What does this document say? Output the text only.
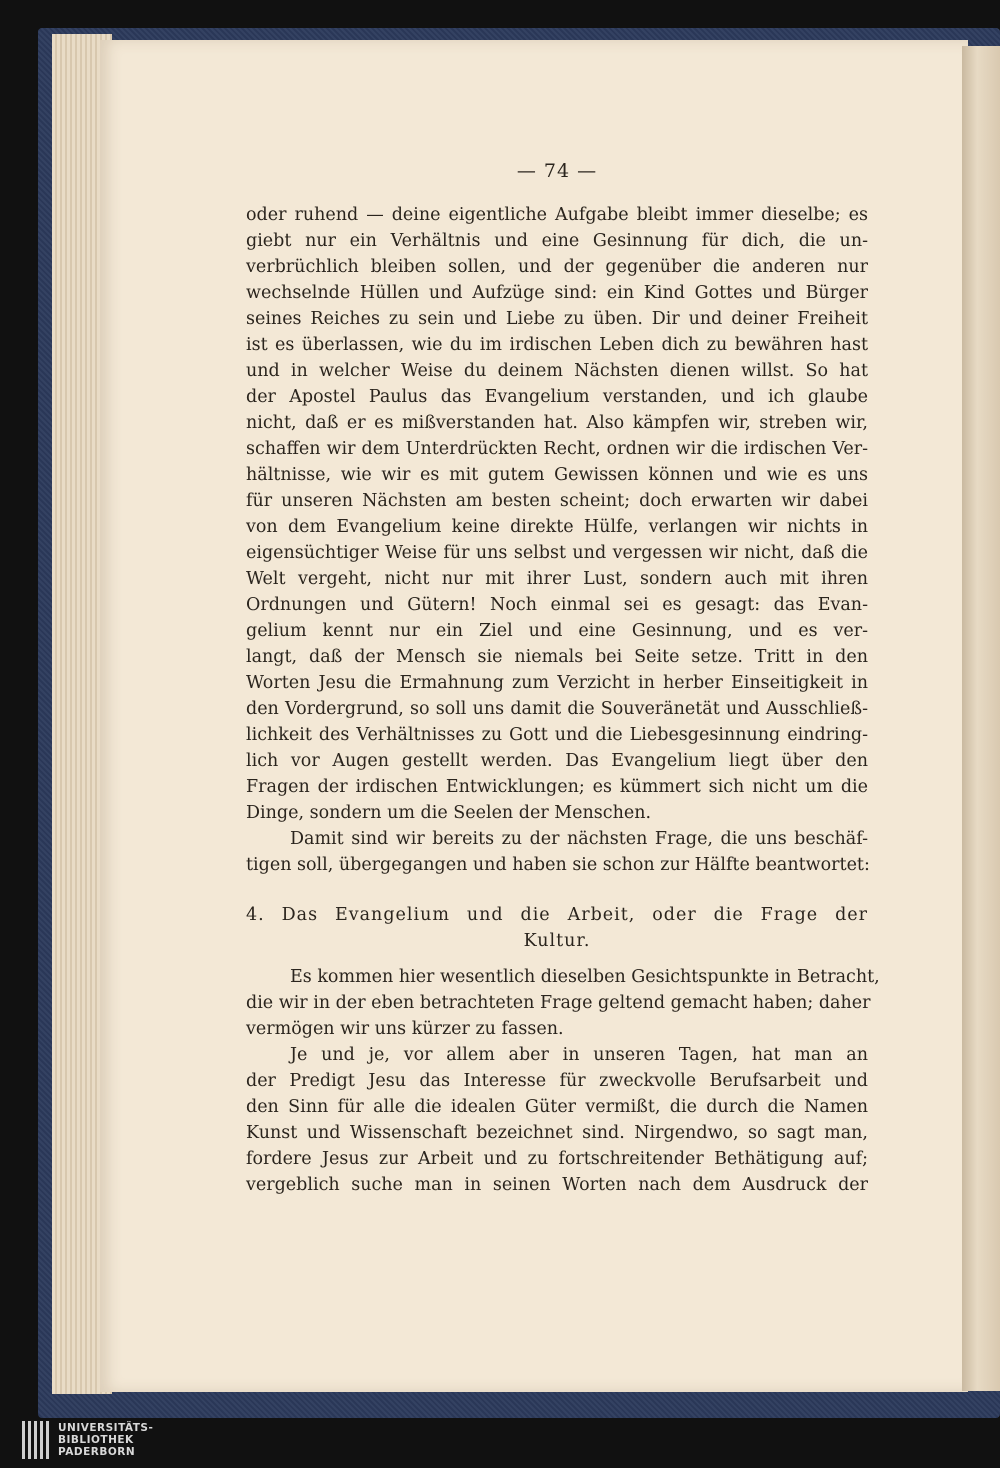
— 74 —
oder ruhend — deine eigentliche Aufgabe bleibt immer dieselbe; es
giebt nur ein Verhältnis und eine Gesinnung für dich, die un-
verbrüchlich bleiben sollen, und der gegenüber die anderen nur
wechselnde Hüllen und Aufzüge sind: ein Kind Gottes und Bürger
seines Reiches zu sein und Liebe zu üben. Dir und deiner Freiheit
ist es überlassen, wie du im irdischen Leben dich zu bewähren hast
und in welcher Weise du deinem Nächsten dienen willst. So hat
der Apostel Paulus das Evangelium verstanden, und ich glaube
nicht, daß er es mißverstanden hat. Also kämpfen wir, streben wir,
schaffen wir dem Unterdrückten Recht, ordnen wir die irdischen Ver-
hältnisse, wie wir es mit gutem Gewissen können und wie es uns
für unseren Nächsten am besten scheint; doch erwarten wir dabei
von dem Evangelium keine direkte Hülfe, verlangen wir nichts in
eigensüchtiger Weise für uns selbst und vergessen wir nicht, daß die
Welt vergeht, nicht nur mit ihrer Lust, sondern auch mit ihren
Ordnungen und Gütern! Noch einmal sei es gesagt: das Evan-
gelium kennt nur ein Ziel und eine Gesinnung, und es ver-
langt, daß der Mensch sie niemals bei Seite setze. Tritt in den
Worten Jesu die Ermahnung zum Verzicht in herber Einseitigkeit in
den Vordergrund, so soll uns damit die Souveränetät und Ausschließ-
lichkeit des Verhältnisses zu Gott und die Liebesgesinnung eindring-
lich vor Augen gestellt werden. Das Evangelium liegt über den
Fragen der irdischen Entwicklungen; es kümmert sich nicht um die
Dinge, sondern um die Seelen der Menschen.
Damit sind wir bereits zu der nächsten Frage, die uns beschäf-
tigen soll, übergegangen und haben sie schon zur Hälfte beantwortet:
4. Das Evangelium und die Arbeit, oder die Frage der
Kultur.
Es kommen hier wesentlich dieselben Gesichtspunkte in Betracht,
die wir in der eben betrachteten Frage geltend gemacht haben; daher
vermögen wir uns kürzer zu fassen.
Je und je, vor allem aber in unseren Tagen, hat man an
der Predigt Jesu das Interesse für zweckvolle Berufsarbeit und
den Sinn für alle die idealen Güter vermißt, die durch die Namen
Kunst und Wissenschaft bezeichnet sind. Nirgendwo, so sagt man,
fordere Jesus zur Arbeit und zu fortschreitender Bethätigung auf;
vergeblich suche man in seinen Worten nach dem Ausdruck der
UNIVERSITÄTS-
BIBLIOTHEK
PADERBORN
